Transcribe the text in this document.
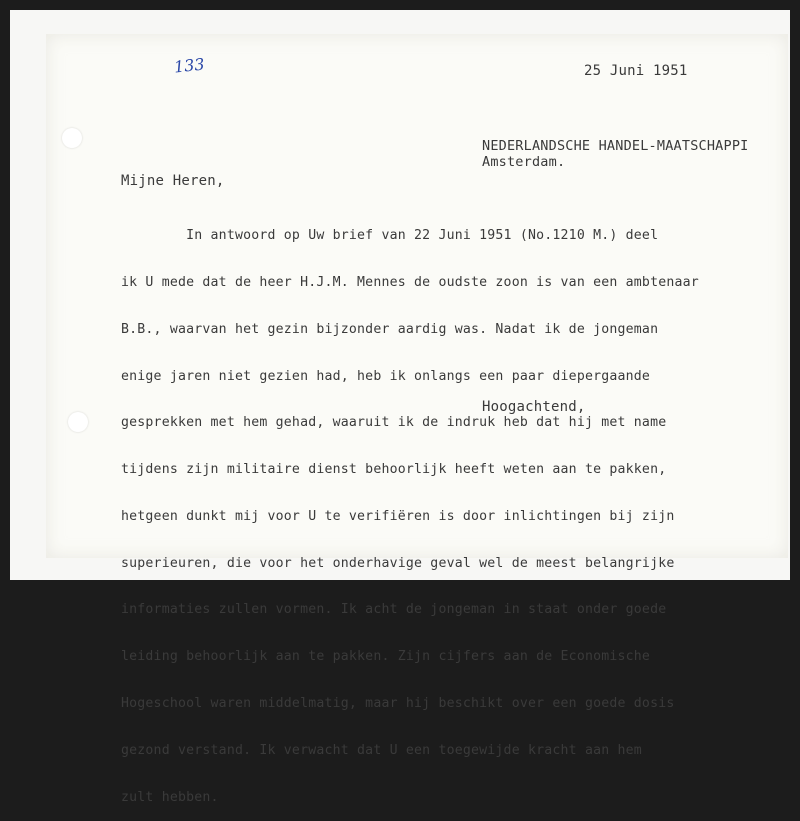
133	25 Juni 1951
NEDERLANDSCHE HANDEL-MAATSCHAPPI
Amsterdam.
Mijne Heren,

In antwoord op Uw brief van 22 Juni 1951 (No.1210 M.) deel

ik U mede dat de heer H.J.M. Mennes de oudste zoon is van een ambtenaar

B.B., waarvan het gezin bijzonder aardig was. Nadat ik de jongeman

enige jaren niet gezien had, heb ik onlangs een paar diepergaande

gesprekken met hem gehad, waaruit ik de indruk heb dat hij met name

tijdens zijn militaire dienst behoorlijk heeft weten aan te pakken,

hetgeen dunkt mij voor U te verifiëren is door inlichtingen bij zijn

superieuren, die voor het onderhavige geval wel de meest belangrijke

informaties zullen vormen. Ik acht de jongeman in staat onder goede

leiding behoorlijk aan te pakken. Zijn cijfers aan de Economische

Hogeschool waren middelmatig, maar hij beschikt over een goede dosis

gezond verstand. Ik verwacht dat U een toegewijde kracht aan hem

zult hebben.

Hoogachtend,
